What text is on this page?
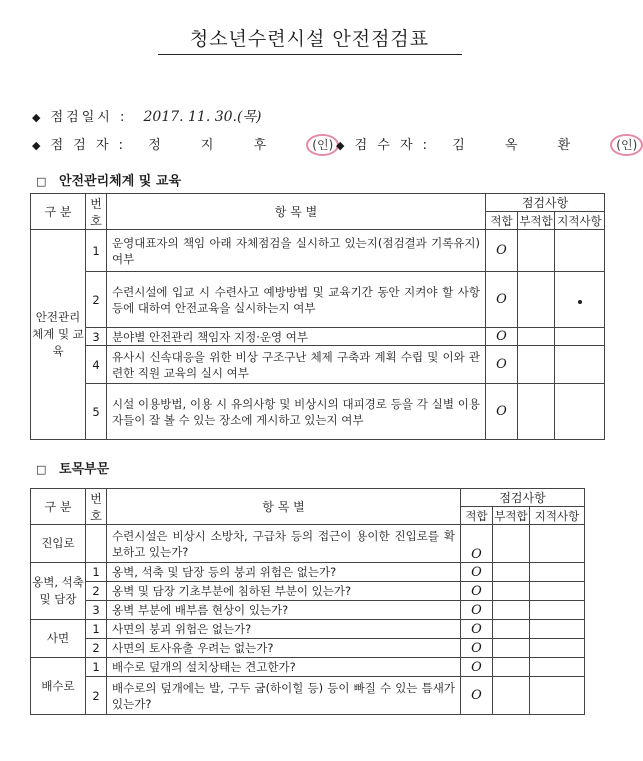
청소년수련시설 안전점검표
◆ 점검일시 : 2017. 11. 30.(목)
◆ 점 검 자 : 정 지 후 (인) ◆ 검 수 자 : 김 옥 환 (인)
□ 안전관리체계 및 교육
구 분	번호	항 목 별	점검사항		
			적합	부적합	지적사항
안전관리 체계 및 교육	1	운영대표자의 책임 아래 자체점검을 실시하고 있는지(점검결과 기록유지) 여부	O		
	2	수련시설에 입교 시 수련사고 예방방법 및 교육기간 동안 지켜야 할 사항 등에 대하여 안전교육을 실시하는지 여부	O		
	3	분야별 안전관리 책임자 지정·운영 여부	O		
	4	유사시 신속대응을 위한 비상 구조구난 체제 구축과 계획 수립 및 이와 관련한 직원 교육의 실시 여부	O		
	5	시설 이용방법, 이용 시 유의사항 및 비상시의 대피경로 등을 각 실별 이용자들이 잘 볼 수 있는 장소에 게시하고 있는지 여부	O		
□ 토목부문
구 분	번호	항 목 별	점검사항		
			적합	부적합	지적사항
진입로		수련시설은 비상시 소방차, 구급차 등의 접근이 용이한 진입로를 확보하고 있는가?	O		
옹벽, 석축 및 담장	1	옹벽, 석축 및 담장 등의 붕괴 위험은 없는가?	O		
	2	옹벽 및 담장 기초부분에 침하된 부분이 있는가?	O		
	3	옹벽 부분에 배부름 현상이 있는가?	O		
사면	1	사면의 붕괴 위험은 없는가?	O		
	2	사면의 토사유출 우려는 없는가?	O		
배수로	1	배수로 덮개의 설치상태는 견고한가?	O		
	2	배수로의 덮개에는 발, 구두 굽(하이힐 등) 등이 빠질 수 있는 틈새가 있는가?	O		
